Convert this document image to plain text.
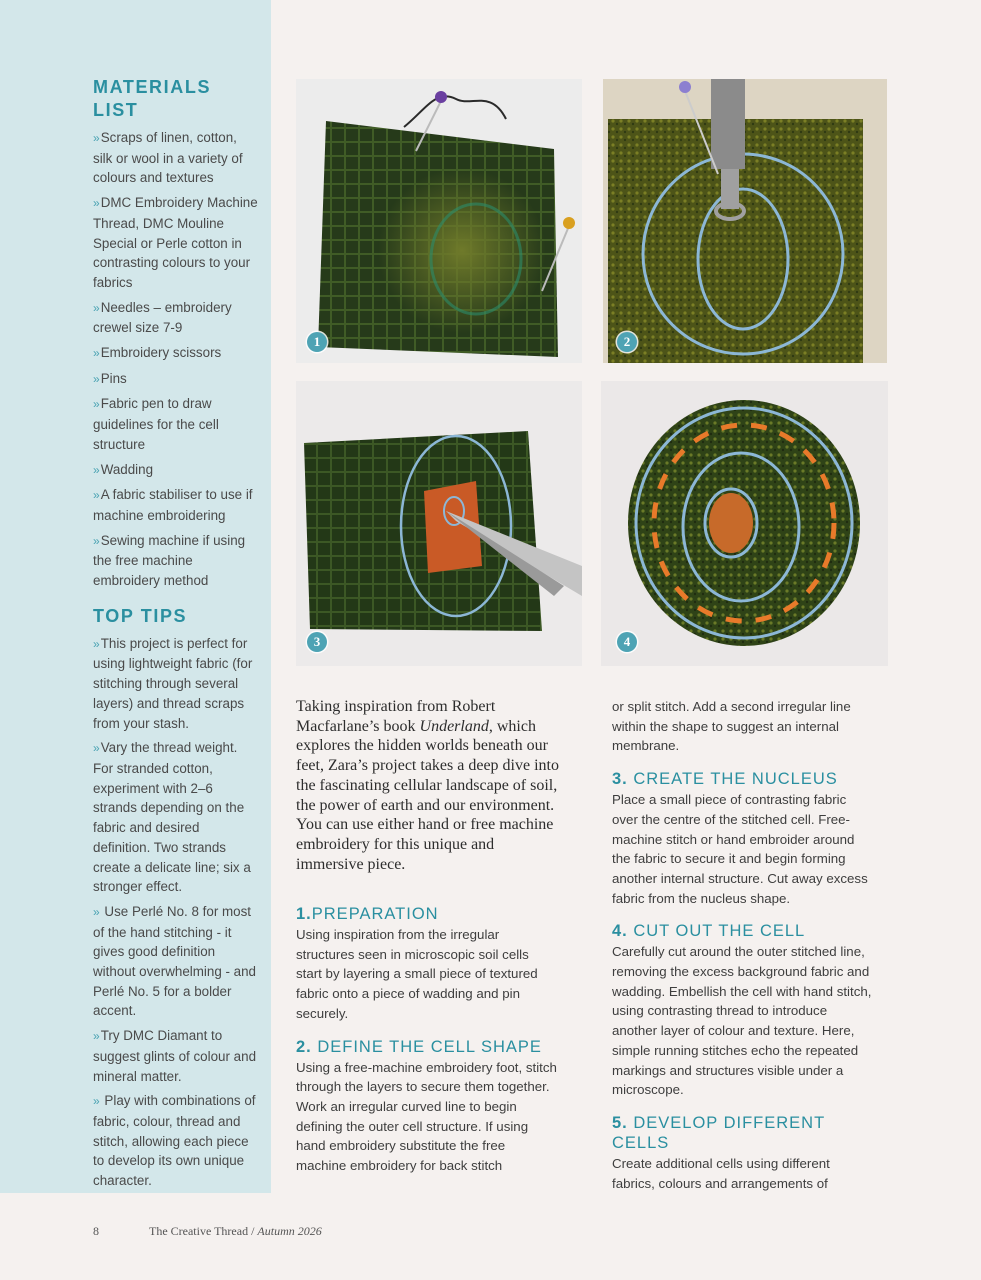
MATERIALS LIST
»Scraps of linen, cotton, silk or wool in a variety of colours and textures
»DMC Embroidery Machine Thread, DMC Mouline Special or Perle cotton in contrasting colours to your fabrics
»Needles – embroidery crewel size 7-9
»Embroidery scissors
»Pins
»Fabric pen to draw guidelines for the cell structure
»Wadding
»A fabric stabiliser to use if machine embroidering
»Sewing machine if using the free machine embroidery method
TOP TIPS
»This project is perfect for using lightweight fabric (for stitching through several layers) and thread scraps from your stash.
»Vary the thread weight. For stranded cotton, experiment with 2–6 strands depending on the fabric and desired definition. Two strands create a delicate line; six a stronger effect.
» Use Perlé No. 8 for most of the hand stitching - it gives good definition without overwhelming - and Perlé No. 5 for a bolder accent.
»Try DMC Diamant to suggest glints of colour and mineral matter.
» Play with combinations of fabric, colour, thread and stitch, allowing each piece to develop its own unique character.
1	2
3	4
Taking inspiration from Robert Macfarlane’s book Underland, which explores the hidden worlds beneath our feet, Zara’s project takes a deep dive into the fascinating cellular landscape of soil, the power of earth and our environment. You can use either hand or free machine embroidery for this unique and immersive piece.
1.PREPARATION

Using inspiration from the irregular structures seen in microscopic soil cells start by layering a small piece of textured fabric onto a piece of wadding and pin securely.

2. DEFINE THE CELL SHAPE

Using a free-machine embroidery foot, stitch through the layers to secure them together. Work an irregular curved line to begin defining the outer cell structure. If using hand embroidery substitute the free machine embroidery for back stitch

or split stitch. Add a second irregular line within the shape to suggest an internal membrane.

3. CREATE THE NUCLEUS

Place a small piece of contrasting fabric over the centre of the stitched cell. Free-machine stitch or hand embroider around the fabric to secure it and begin forming another internal structure. Cut away excess fabric from the nucleus shape.

4. CUT OUT THE CELL

Carefully cut around the outer stitched line, removing the excess background fabric and wadding. Embellish the cell with hand stitch, using contrasting thread to introduce another layer of colour and texture. Here, simple running stitches echo the repeated markings and structures visible under a microscope.

5. DEVELOP DIFFERENT CELLS

Create additional cells using different fabrics, colours and arrangements of

8	The Creative Thread / Autumn 2026
